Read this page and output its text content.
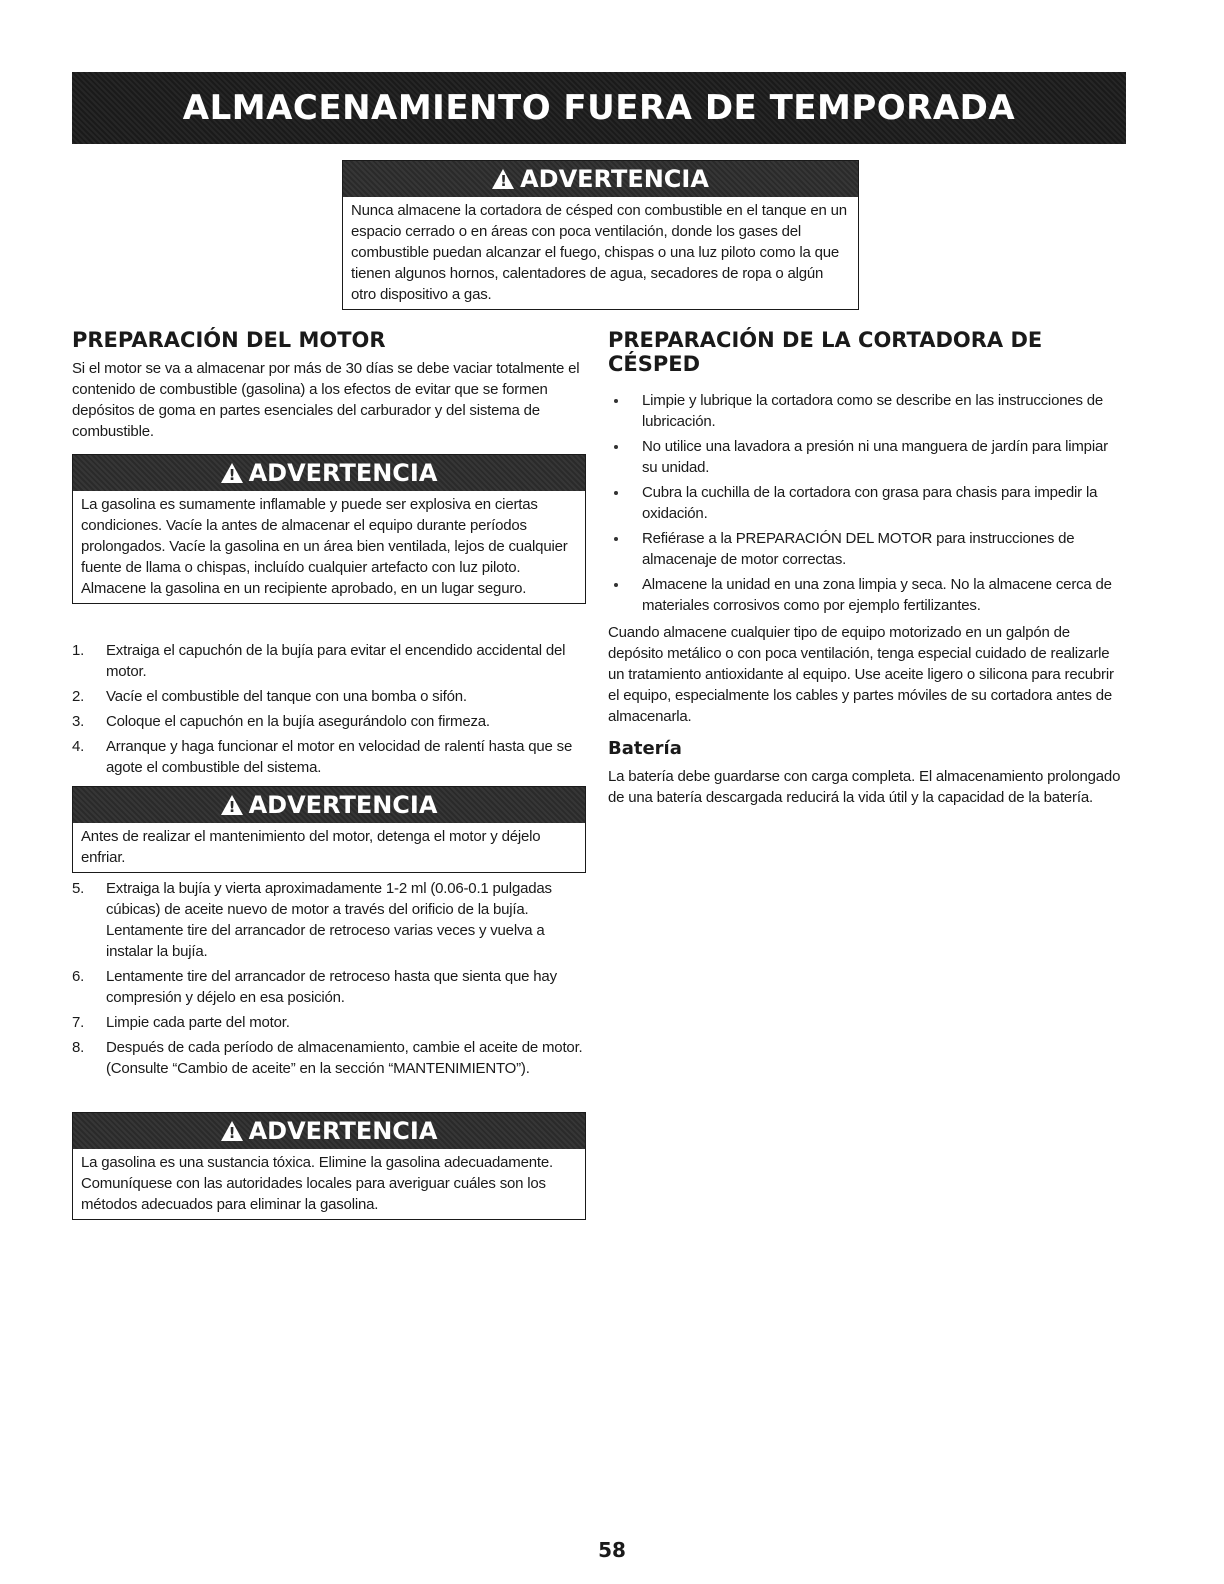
ALMACENAMIENTO FUERA DE TEMPORADA
!
ADVERTENCIA
Nunca almacene la cortadora de césped con combustible en el tanque en un espacio cerrado o en áreas con poca ventilación, donde los gases del combustible puedan alcanzar el fuego, chispas o una luz piloto como la que tienen algunos hornos, calentadores de agua, secadores de ropa o algún otro dispositivo a gas.
PREPARACIÓN DEL MOTOR

Si el motor se va a almacenar por más de 30 días se debe vaciar totalmente el contenido de combustible (gasolina) a los efectos de evitar que se formen depósitos de goma en partes esenciales del carburador y del sistema de combustible.

!
ADVERTENCIA
La gasolina es sumamente inflamable y puede ser explosiva en ciertas condiciones. Vacíe la antes de almacenar el equipo durante períodos prolongados. Vacíe la gasolina en un área bien ventilada, lejos de cualquier fuente de llama o chispas, incluído cualquier artefacto con luz piloto. Almacene la gasolina en un recipiente aprobado, en un lugar seguro.
1.	Extraiga el capuchón de la bujía para evitar el encendido accidental del motor.
2.	Vacíe el combustible del tanque con una bomba o sifón.
3.	Coloque el capuchón en la bujía asegurándolo con firmeza.
4.	Arranque y haga funcionar el motor en velocidad de ralentí hasta que se agote el combustible del sistema.
!
ADVERTENCIA
Antes de realizar el mantenimiento del motor, detenga el motor y déjelo enfriar.
5.	Extraiga la bujía y vierta aproximadamente 1-2 ml (0.06-0.1 pulgadas cúbicas) de aceite nuevo de motor a través del orificio de la bujía. Lentamente tire del arrancador de retroceso varias veces y vuelva a instalar la bujía.
6.	Lentamente tire del arrancador de retroceso hasta que sienta que hay compresión y déjelo en esa posición.
7.	Limpie cada parte del motor.
8.	Después de cada período de almacenamiento, cambie el aceite de motor. (Consulte “Cambio de aceite” en la sección “MANTENIMIENTO”).
!
ADVERTENCIA
La gasolina es una sustancia tóxica. Elimine la gasolina adecuadamente. Comuníquese con las autoridades locales para averiguar cuáles son los métodos adecuados para eliminar la gasolina.
PREPARACIÓN DE LA CORTADORA DE CÉSPED
Limpie y lubrique la cortadora como se describe en las instrucciones de lubricación.
No utilice una lavadora a presión ni una manguera de jardín para limpiar su unidad.
Cubra la cuchilla de la cortadora con grasa para chasis para impedir la oxidación.
Refiérase a la PREPARACIÓN DEL MOTOR para instrucciones de almacenaje de motor correctas.
Almacene la unidad en una zona limpia y seca. No la almacene cerca de materiales corrosivos como por ejemplo fertilizantes.

Cuando almacene cualquier tipo de equipo motorizado en un galpón de depósito metálico o con poca ventilación, tenga especial cuidado de realizarle un tratamiento antioxidante al equipo. Use aceite ligero o silicona para recubrir el equipo, especialmente los cables y partes móviles de su cortadora antes de almacenarla.

Batería

La batería debe guardarse con carga completa. El almacenamiento prolongado de una batería descargada reducirá la vida útil y la capacidad de la batería.

58
